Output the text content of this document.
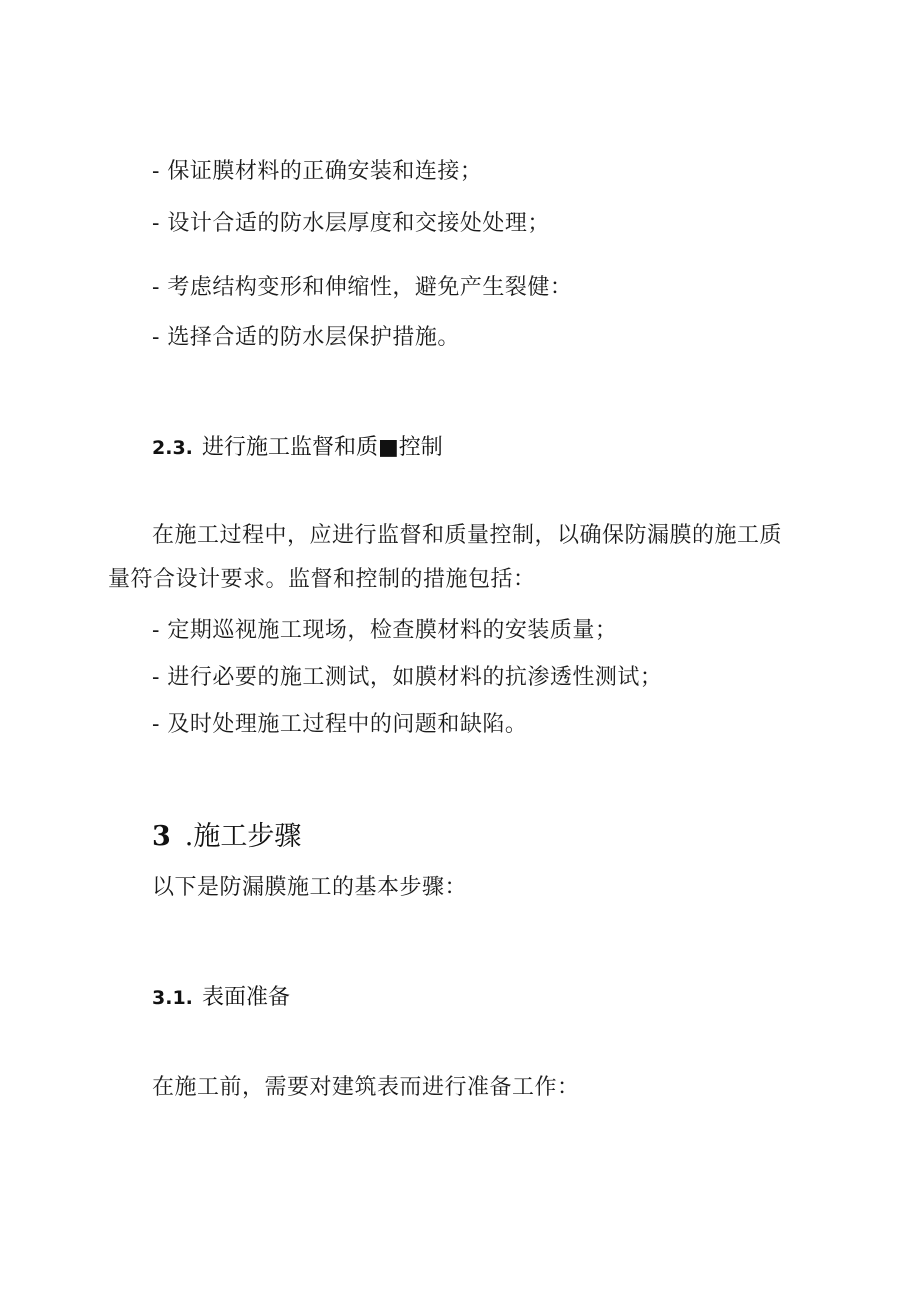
- 保证膜材料的正确安装和连接；
- 设计合适的防水层厚度和交接处处理；
- 考虑结构变形和伸缩性，避免产生裂健：
- 选择合适的防水层保护措施。
2.3. 进行施工监督和质■控制
在施工过程中，应进行监督和质量控制，以确保防漏膜的施工质
量符合设计要求。监督和控制的措施包括：
- 定期巡视施工现场，检查膜材料的安装质量；
- 进行必要的施工测试，如膜材料的抗渗透性测试；
- 及时处理施工过程中的问题和缺陷。
3 .施工步骤
以下是防漏膜施工的基本步骤：
3.1. 表面准备
在施工前，需要对建筑表而进行准备工作：
